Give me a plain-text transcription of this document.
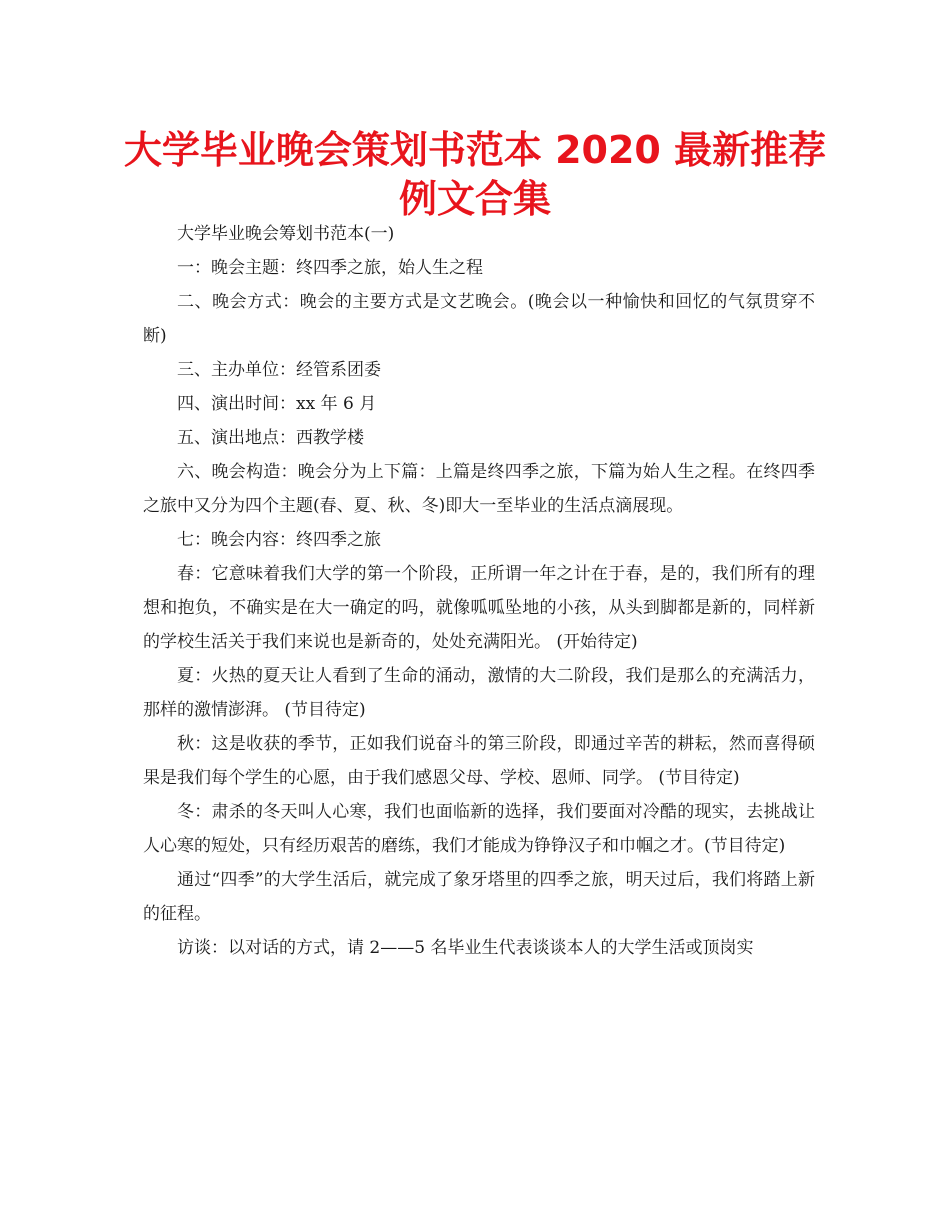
大学毕业晚会策划书范本 2020 最新推荐例文合集

大学毕业晚会筹划书范本(一)

一：晚会主题：终四季之旅，始人生之程

二、晚会方式：晚会的主要方式是文艺晚会。(晚会以一种愉快和回忆的气氛贯穿不断)

三、主办单位：经管系团委

四、演出时间：xx 年 6 月

五、演出地点：西教学楼

六、晚会构造：晚会分为上下篇：上篇是终四季之旅，下篇为始人生之程。在终四季之旅中又分为四个主题(春、夏、秋、冬)即大一至毕业的生活点滴展现。

七：晚会内容：终四季之旅

春：它意味着我们大学的第一个阶段，正所谓一年之计在于春，是的，我们所有的理想和抱负，不确实是在大一确定的吗，就像呱呱坠地的小孩，从头到脚都是新的，同样新的学校生活关于我们来说也是新奇的，处处充满阳光。 (开始待定)

夏：火热的夏天让人看到了生命的涌动，激情的大二阶段，我们是那么的充满活力，那样的激情澎湃。 (节目待定)

秋：这是收获的季节，正如我们说奋斗的第三阶段，即通过辛苦的耕耘，然而喜得硕果是我们每个学生的心愿，由于我们感恩父母、学校、恩师、同学。 (节目待定)

冬：肃杀的冬天叫人心寒，我们也面临新的选择，我们要面对冷酷的现实，去挑战让人心寒的短处，只有经历艰苦的磨练，我们才能成为铮铮汉子和巾帼之才。(节目待定)

通过“四季”的大学生活后，就完成了象牙塔里的四季之旅，明天过后，我们将踏上新的征程。

访谈：以对话的方式，请 2——5 名毕业生代表谈谈本人的大学生活或顶岗实
